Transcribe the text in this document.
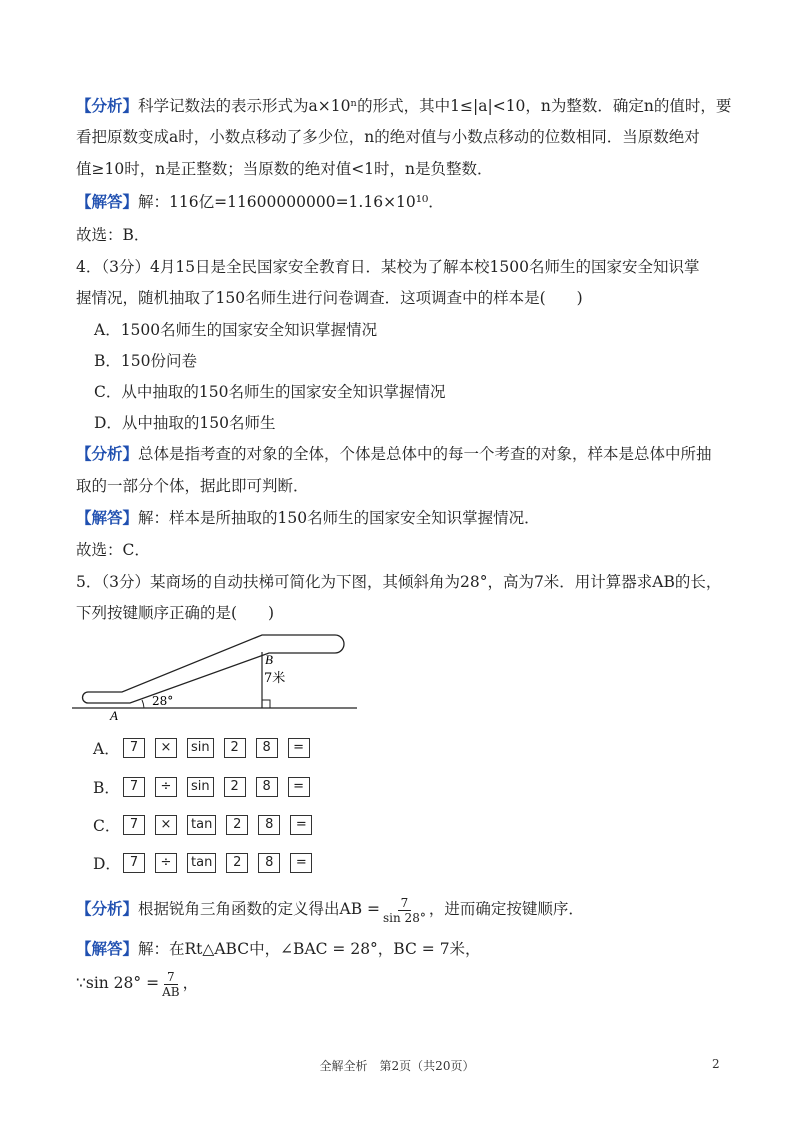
【分析】科学记数法的表示形式为a×10ⁿ的形式，其中1≤|a|<10，n为整数．确定n的值时，要
看把原数变成a时，小数点移动了多少位，n的绝对值与小数点移动的位数相同．当原数绝对
值≥10时，n是正整数；当原数的绝对值<1时，n是负整数．
【解答】解：116亿=11600000000=1.16×10¹⁰．
故选：B．
4．（3分）4月15日是全民国家安全教育日．某校为了解本校1500名师生的国家安全知识掌
握情况，随机抽取了150名师生进行问卷调查．这项调查中的样本是(　　)
A．1500名师生的国家安全知识掌握情况
B．150份问卷
C．从中抽取的150名师生的国家安全知识掌握情况
D．从中抽取的150名师生
【分析】总体是指考查的对象的全体，个体是总体中的每一个考查的对象，样本是总体中所抽
取的一部分个体，据此即可判断．
【解答】解：样本是所抽取的150名师生的国家安全知识掌握情况．
故选：C．
5．（3分）某商场的自动扶梯可简化为下图，其倾斜角为28°，高为7米．用计算器求AB的长，
下列按键顺序正确的是(　　)
B
7米
28°
A
A． 7	×	sin	2	8	=
B． 7	÷	sin	2	8	=
C． 7	×	tan	2	8	=
D． 7	÷	tan	2	8	=
【分析】根据锐角三角函数的定义得出AB = $\frac{7}{\sin 28^\circ}$ ，进而确定按键顺序．
【解答】解：在Rt△ABC中，∠BAC = 28°，BC = 7米，
∵sin $28^\circ = \frac{7}{AB}$ ，
全解全析　第2页（共20页）	2
